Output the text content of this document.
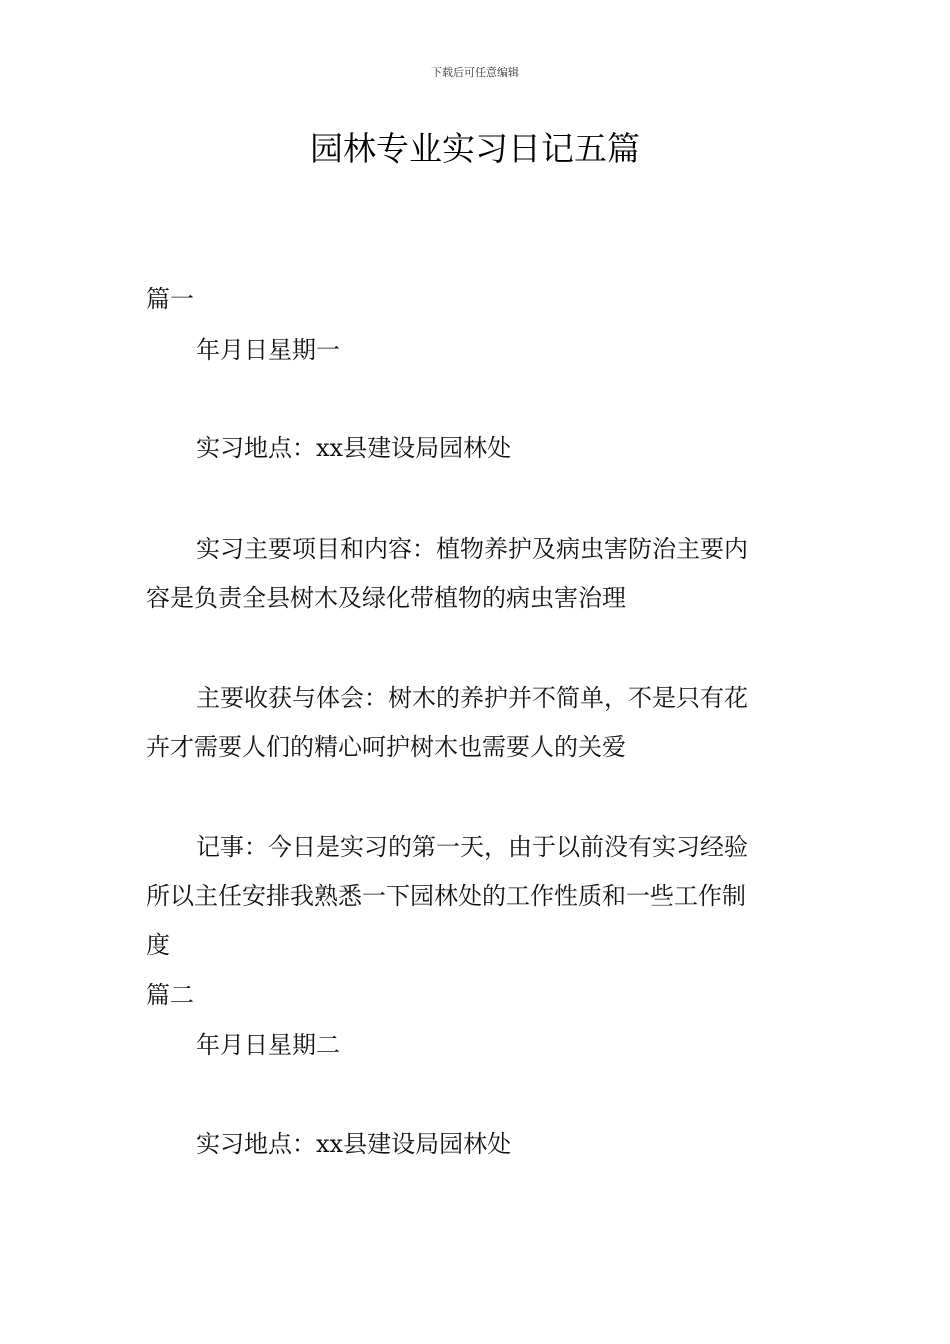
下载后可任意编辑
园林专业实习日记五篇
篇一
年月日星期一
实习地点：xx县建设局园林处
实习主要项目和内容：植物养护及病虫害防治主要内
容是负责全县树木及绿化带植物的病虫害治理
主要收获与体会：树木的养护并不简单，不是只有花
卉才需要人们的精心呵护树木也需要人的关爱
记事：今日是实习的第一天，由于以前没有实习经验
所以主任安排我熟悉一下园林处的工作性质和一些工作制
度
篇二
年月日星期二
实习地点：xx县建设局园林处
